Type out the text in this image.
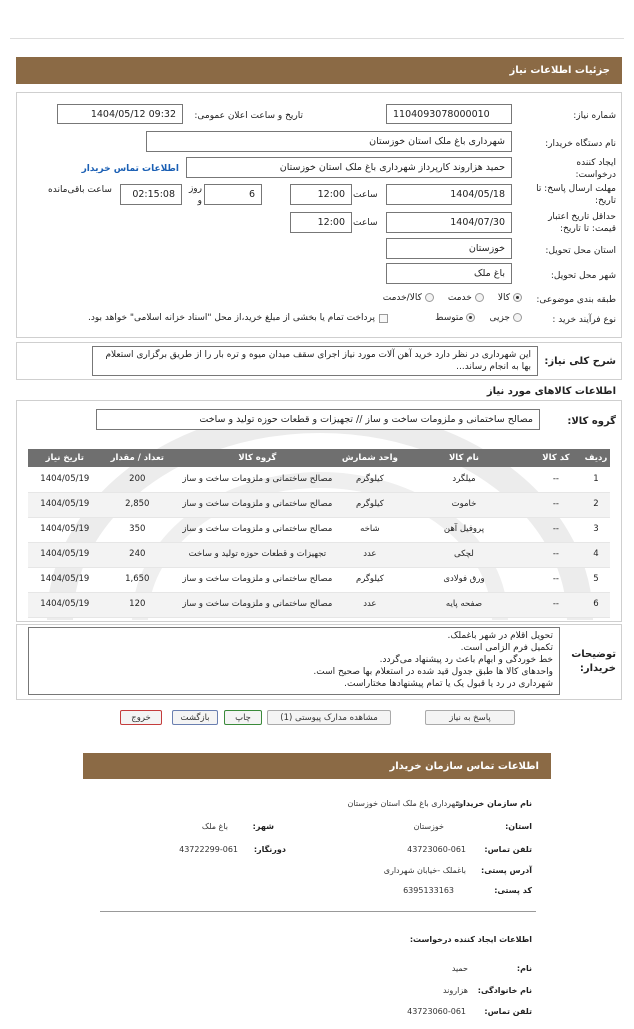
جزئیات اطلاعات نیاز
شماره نیاز:
1104093078000010
تاریخ و ساعت اعلان عمومی:
1404/05/12 09:32
نام دستگاه خریدار:
شهرداری باغ ملک استان خوزستان
ایجاد کننده درخواست:
حمید هزاروند کارپرداز شهرداری باغ ملک استان خوزستان
اطلاعات تماس خریدار
مهلت ارسال پاسخ: تا تاریخ:
1404/05/18
ساعت
12:00
6
روز و
02:15:08
ساعت باقی‌مانده
حداقل تاریخ اعتبار قیمت: تا تاریخ:
1404/07/30
ساعت
12:00
استان محل تحویل:
خوزستان
شهر محل تحویل:
باغ ملک
طبقه بندی موضوعی:
کالا
خدمت
کالا/خدمت
نوع فرآیند خرید :
جزیی
متوسط
پرداخت تمام یا بخشی از مبلغ خرید،از محل "اسناد خزانه اسلامی" خواهد بود.
شرح کلی نیاز:
این شهرداری در نظر دارد خرید آهن آلات مورد نیاز اجرای سقف میدان میوه و تره بار را از طریق برگزاری استعلام بها به انجام رساند...
اطلاعات کالاهای مورد نیاز
گروه کالا:
مصالح ساختمانی و ملزومات ساخت و ساز // تجهیزات و قطعات حوزه تولید و ساخت
ردیف	کد کالا	نام کالا	واحد شمارش	گروه کالا	تعداد / مقدار	تاریخ نیاز
1	--	میلگرد	کیلوگرم	مصالح ساختمانی و ملزومات ساخت و ساز	200	1404/05/19
2	--	خاموت	کیلوگرم	مصالح ساختمانی و ملزومات ساخت و ساز	2,850	1404/05/19
3	--	پروفیل آهن	شاخه	مصالح ساختمانی و ملزومات ساخت و ساز	350	1404/05/19
4	--	لچکی	عدد	تجهیزات و قطعات حوزه تولید و ساخت	240	1404/05/19
5	--	ورق فولادی	کیلوگرم	مصالح ساختمانی و ملزومات ساخت و ساز	1,650	1404/05/19
6	--	صفحه پایه	عدد	مصالح ساختمانی و ملزومات ساخت و ساز	120	1404/05/19
توضیحات خریدار:
تحویل اقلام در شهر باغملک.
تکمیل فرم الزامی است.
خط خوردگی و ابهام باعث رد پیشنهاد می‌گردد.
واحدهای کالا ها طبق جدول قید شده در استعلام بها صحیح است.
شهرداری در رد یا قبول یک یا تمام پیشنهادها مختاراست.
پاسخ به نیاز
مشاهده مدارک پیوستی (1)
چاپ
بازگشت
خروج
اطلاعات تماس سازمان خریدار
نام سازمان خریدار:
شهرداری باغ ملک استان خوزستان
استان:
خوزستان
شهر:
باغ ملک
تلفن تماس:
43723060-061
دورنگار:
43722299-061
آدرس پستی:
باغملک -خیابان شهرداری
کد پستی:
6395133163
اطلاعات ایجاد کننده درخواست:
نام:
حمید
نام خانوادگی:
هزاروند
تلفن تماس:
43723060-061
